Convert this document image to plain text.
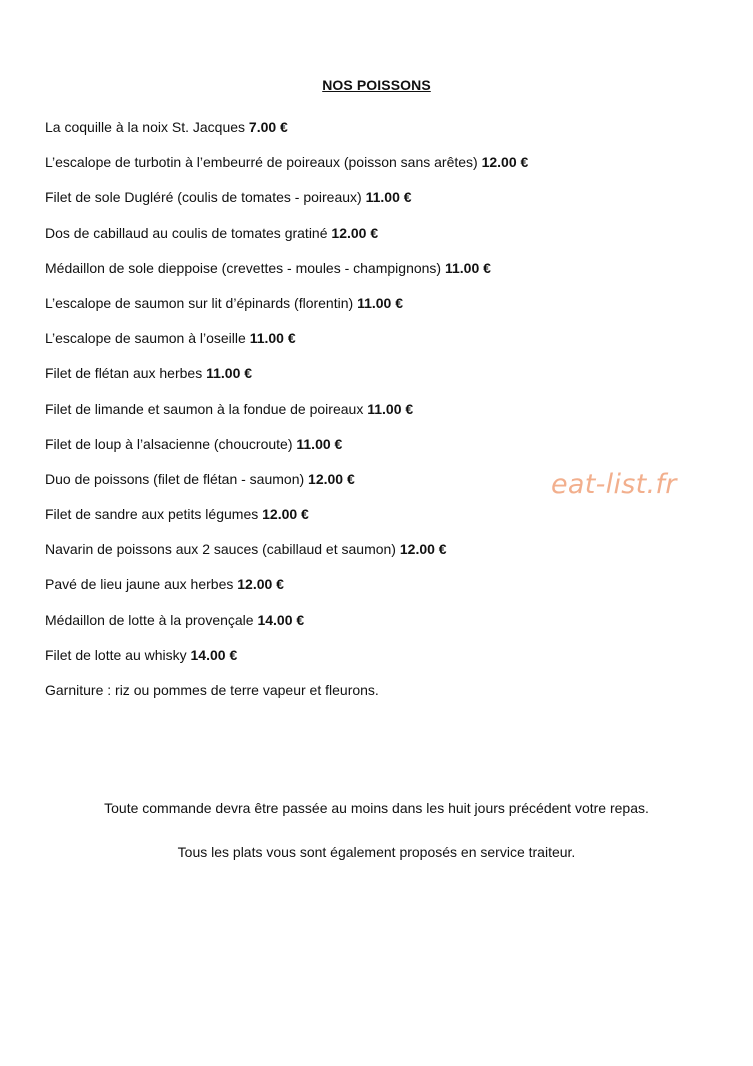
NOS POISSONS
La coquille à la noix St. Jacques 7.00 €
L’escalope de turbotin à l’embeurré de poireaux (poisson sans arêtes) 12.00 €
Filet de sole Dugléré (coulis de tomates - poireaux) 11.00 €
Dos de cabillaud au coulis de tomates gratiné 12.00 €
Médaillon de sole dieppoise (crevettes - moules - champignons) 11.00 €
L’escalope de saumon sur lit d’épinards (florentin) 11.00 €
L’escalope de saumon à l’oseille 11.00 €
Filet de flétan aux herbes 11.00 €
Filet de limande et saumon à la fondue de poireaux 11.00 €
Filet de loup à l’alsacienne (choucroute) 11.00 €
Duo de poissons (filet de flétan - saumon) 12.00 €
Filet de sandre aux petits légumes 12.00 €
Navarin de poissons aux 2 sauces (cabillaud et saumon) 12.00 €
Pavé de lieu jaune aux herbes 12.00 €
Médaillon de lotte à la provençale 14.00 €
Filet de lotte au whisky 14.00 €
Garniture : riz ou pommes de terre vapeur et fleurons.
eat-list.fr
Toute commande devra être passée au moins dans les huit jours précédent votre repas.
Tous les plats vous sont également proposés en service traiteur.
